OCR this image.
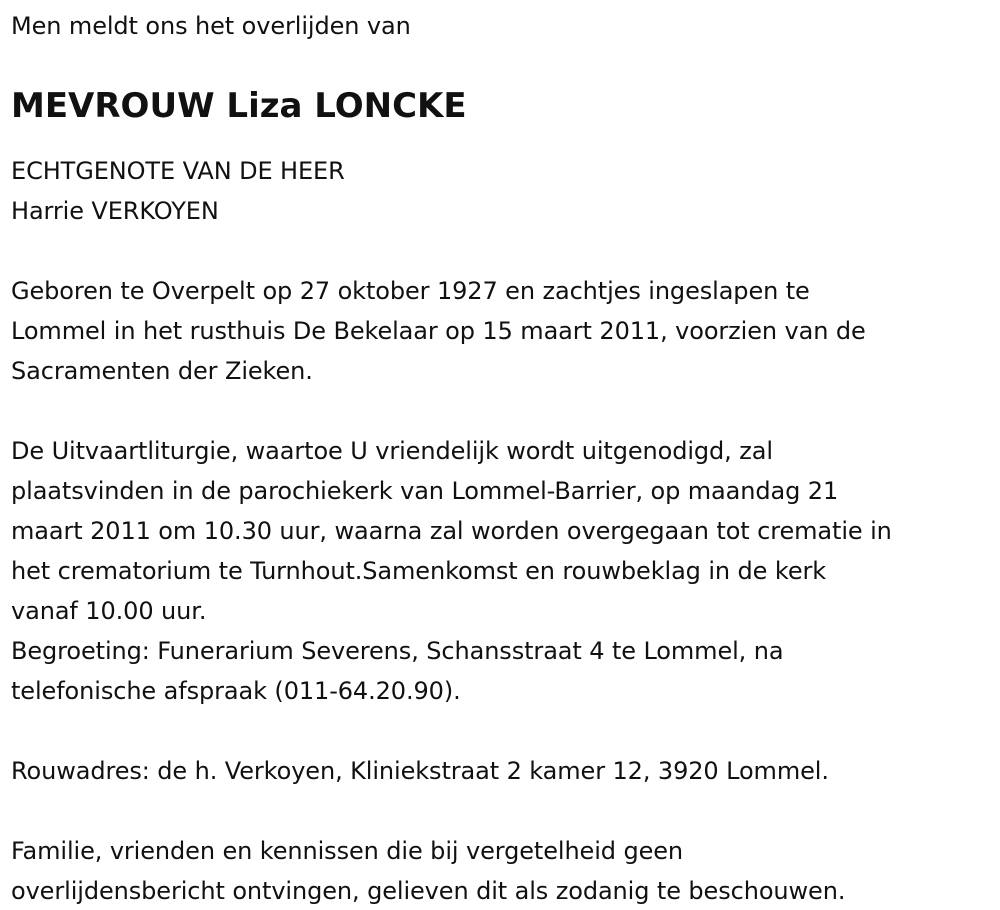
Men meldt ons het overlijden van

MEVROUW Liza LONCKE
ECHTGENOTE VAN DE HEER
Harrie VERKOYEN
Geboren te Overpelt op 27 oktober 1927 en zachtjes ingeslapen te
Lommel in het rusthuis De Bekelaar op 15 maart 2011, voorzien van de
Sacramenten der Zieken.
De Uitvaartliturgie, waartoe U vriendelijk wordt uitgenodigd, zal
plaatsvinden in de parochiekerk van Lommel-Barrier, op maandag 21
maart 2011 om 10.30 uur, waarna zal worden overgegaan tot crematie in
het crematorium te Turnhout.Samenkomst en rouwbeklag in de kerk
vanaf 10.00 uur.
Begroeting: Funerarium Severens, Schansstraat 4 te Lommel, na
telefonische afspraak (011-64.20.90).
Rouwadres: de h. Verkoyen, Kliniekstraat 2 kamer 12, 3920 Lommel.
Familie, vrienden en kennissen die bij vergetelheid geen
overlijdensbericht ontvingen, gelieven dit als zodanig te beschouwen.
